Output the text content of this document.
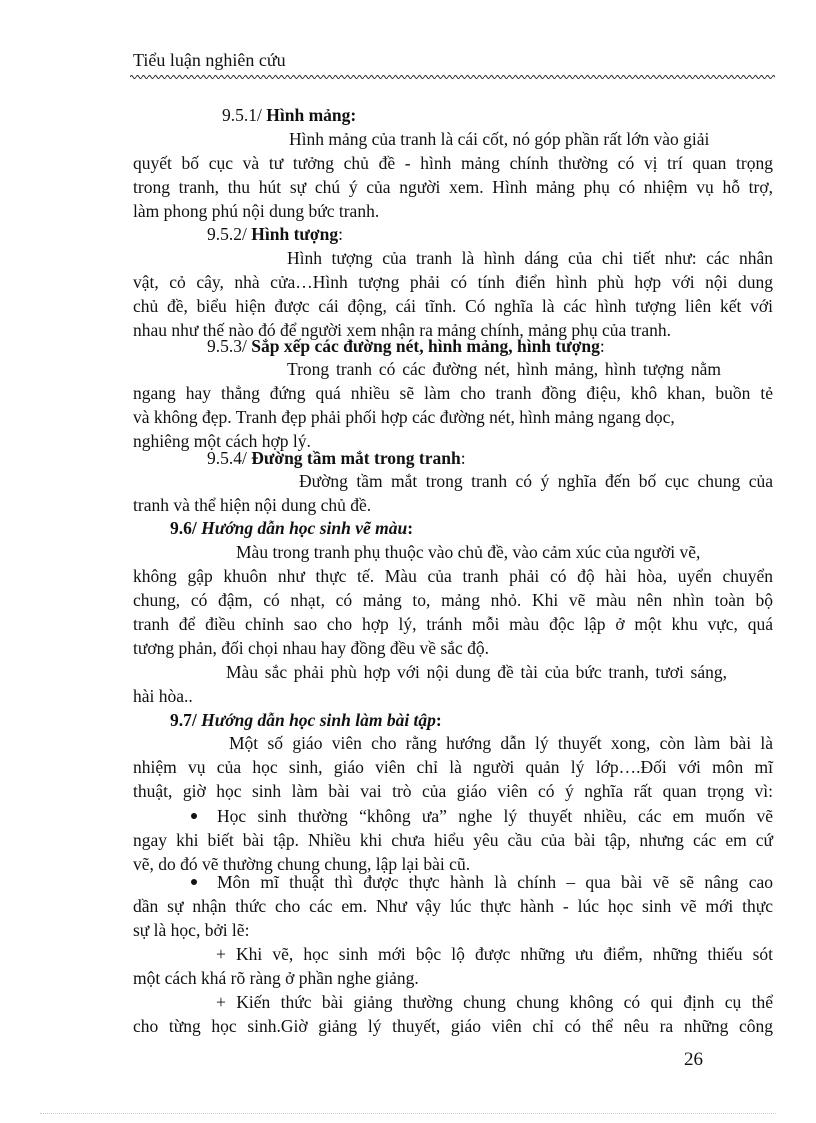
Tiểu luận nghiên cứu
9.5.1/ Hình mảng:
Hình mảng của tranh là cái cốt, nó góp phần rất lớn vào giải
quyết bố cục và tư tưởng chủ đề - hình mảng chính thường có vị trí quan trọng
trong tranh, thu hút sự chú ý của người xem. Hình mảng phụ có nhiệm vụ hỗ trợ,
làm phong phú nội dung bức tranh.
9.5.2/ Hình tượng:
Hình tượng của tranh là hình dáng của chi tiết như: các nhân
vật, cỏ cây, nhà cửa…Hình tượng phải có tính điển hình phù hợp với nội dung
chủ đề, biểu hiện được cái động, cái tĩnh. Có nghĩa là các hình tượng liên kết với
nhau như thế nào đó để người xem nhận ra mảng chính, mảng phụ của tranh.
9.5.3/ Sắp xếp các đường nét, hình mảng, hình tượng:
Trong tranh có các đường nét, hình mảng, hình tượng nằm
ngang hay thẳng đứng quá nhiều sẽ làm cho tranh đồng điệu, khô khan, buồn tẻ
và không đẹp. Tranh đẹp phải phối hợp các đường nét, hình mảng ngang dọc,
nghiêng một cách hợp lý.
9.5.4/ Đường tầm mắt trong tranh:
Đường tầm mắt trong tranh có ý nghĩa đến bố cục chung của
tranh và thể hiện nội dung chủ đề.
9.6/ Hướng dẫn học sinh vẽ màu:
Màu trong tranh phụ thuộc vào chủ đề, vào cảm xúc của người vẽ,
không gập khuôn như thực tế. Màu của tranh phải có độ hài hòa, uyển chuyển
chung, có đậm, có nhạt, có mảng to, mảng nhỏ. Khi vẽ màu nên nhìn toàn bộ
tranh để điều chỉnh sao cho hợp lý, tránh mỗi màu độc lập ở một khu vực, quá
tương phản, đối chọi nhau hay đồng đều về sắc độ.
Màu sắc phải phù hợp với nội dung đề tài của bức tranh, tươi sáng,
hài hòa..
9.7/ Hướng dẫn học sinh làm bài tập:
Một số giáo viên cho rằng hướng dẫn lý thuyết xong, còn làm bài là
nhiệm vụ của học sinh, giáo viên chỉ là người quản lý lớp….Đối với môn mĩ
thuật, giờ học sinh làm bài vai trò của giáo viên có ý nghĩa rất quan trọng vì:
Học sinh thường “không ưa” nghe lý thuyết nhiều, các em muốn vẽ
ngay khi biết bài tập. Nhiều khi chưa hiểu yêu cầu của bài tập, nhưng các em cứ
vẽ, do đó vẽ thường chung chung, lập lại bài cũ.
Môn mĩ thuật thì được thực hành là chính – qua bài vẽ sẽ nâng cao
dần sự nhận thức cho các em. Như vậy lúc thực hành - lúc học sinh vẽ mới thực
sự là học, bởi lẽ:
+ Khi vẽ, học sinh mới bộc lộ được những ưu điểm, những thiếu sót
một cách khá rõ ràng ở phần nghe giảng.
+ Kiến thức bài giảng thường chung chung không có qui định cụ thể
cho từng học sinh.Giờ giảng lý thuyết, giáo viên chỉ có thể nêu ra những công
26
